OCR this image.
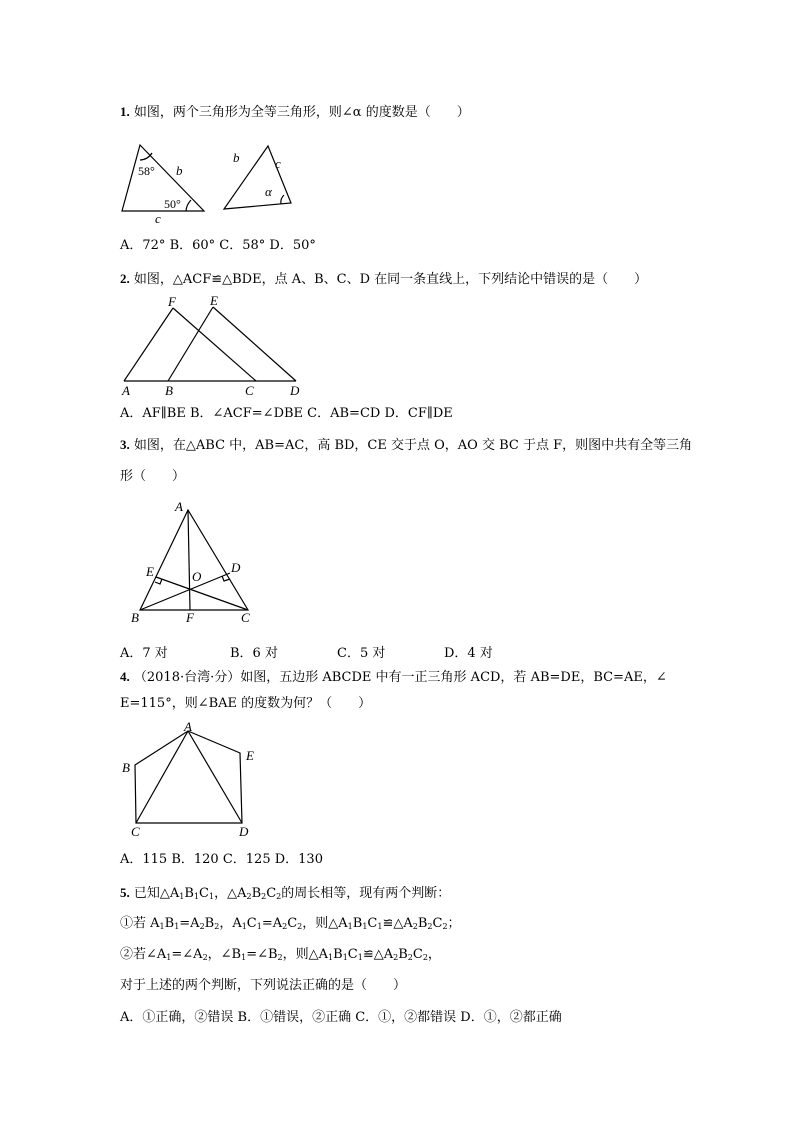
1. 如图，两个三角形为全等三角形，则∠α 的度数是（　　）
58°
50°
b
c
b	c
α
A．72° B．60° C．58° D．50°
2. 如图，△ACF≌△BDE，点 A、B、C、D 在同一条直线上，下列结论中错误的是（　　）
F	E
A	B	C	D
A．AF∥BE B．∠ACF=∠DBE C．AB=CD D．CF∥DE
3. 如图，在△ABC 中，AB=AC，高 BD，CE 交于点 O，AO 交 BC 于点 F，则图中共有全等三角
形（　　）
A
B	C
D
E
F
O
A．7 对	B．6 对	C．5 对	D．4 对
4. （2018·台湾·分）如图，五边形 ABCDE 中有一正三角形 ACD，若 AB=DE，BC=AE，∠
E=115°，则∠BAE 的度数为何？（　　）
A
B
C	D
E
A．115 B．120 C．125 D．130
5. 已知$\triangle A_1B_1C_1$，$\triangle A_2B_2C_2$的周长相等，现有两个判断：
①若 $A_1B_1=A_2B_2$，$A_1C_1=A_2C_2$，则$\triangle A_1B_1C_1≌\triangle A_2B_2C_2$；
②若$\angle A_1=\angle A_2$，$\angle B_1=\angle B_2$，则$\triangle A_1B_1C_1≌\triangle A_2B_2C_2$，
对于上述的两个判断，下列说法正确的是（　　）
A．①正确，②错误 B．①错误，②正确 C．①，②都错误 D．①，②都正确
